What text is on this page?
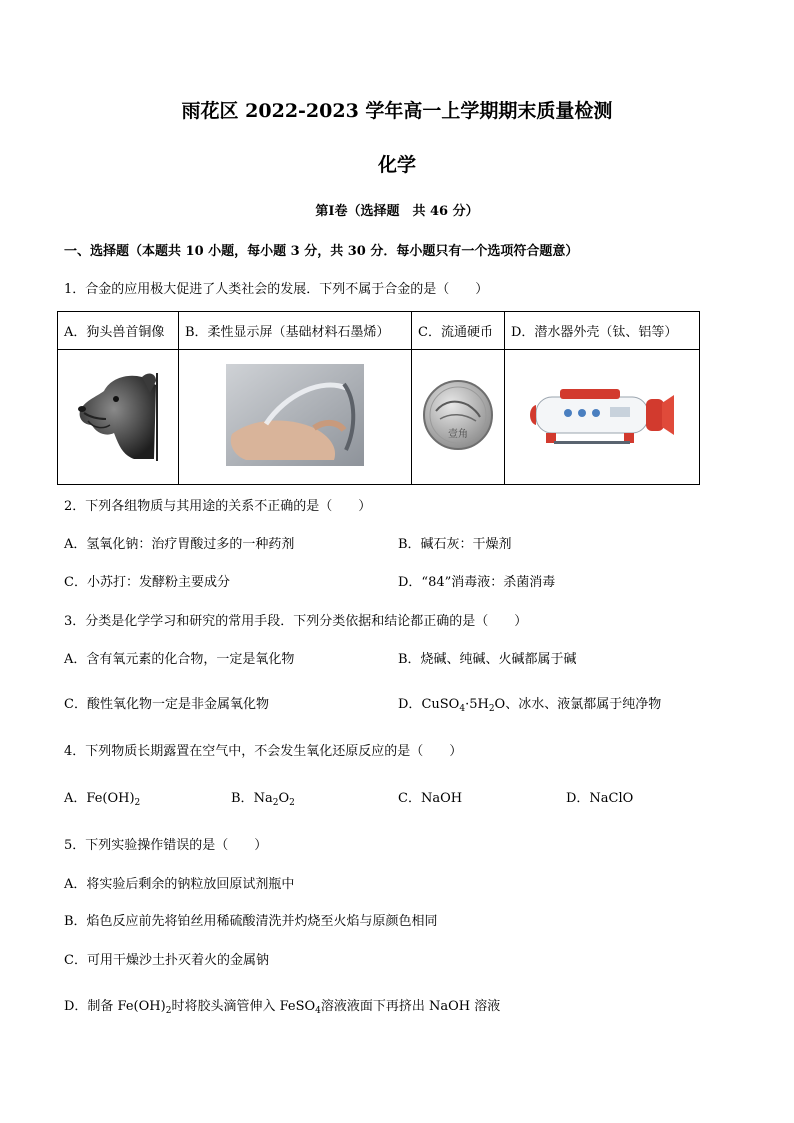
雨花区 2022-2023 学年高一上学期期末质量检测
化学
第Ⅰ卷（选择题　共 46 分）
一、选择题（本题共 10 小题，每小题 3 分，共 30 分．每小题只有一个选项符合题意）
1．合金的应用极大促进了人类社会的发展．下列不属于合金的是（　　）
A．狗头兽首铜像	B．柔性显示屏（基础材料石墨烯）	C．流通硬币	D．潜水器外壳（钛、铝等）

壹角

2．下列各组物质与其用途的关系不正确的是（　　）
A．氢氧化钠：治疗胃酸过多的一种药剂	B．碱石灰：干燥剂
C．小苏打：发酵粉主要成分	D．“84”消毒液：杀菌消毒
3．分类是化学学习和研究的常用手段．下列分类依据和结论都正确的是（　　）
A．含有氧元素的化合物，一定是氧化物	B．烧碱、纯碱、火碱都属于碱
C．酸性氧化物一定是非金属氧化物	D．$CuSO_4\cdot 5H_2O$、冰水、液氯都属于纯净物
4．下列物质长期露置在空气中，不会发生氧化还原反应的是（　　）
A．$Fe(OH)_2$	B．$Na_2O_2$	C．NaOH	D．NaClO
5．下列实验操作错误的是（　　）
A．将实验后剩余的钠粒放回原试剂瓶中
B．焰色反应前先将铂丝用稀硫酸清洗并灼烧至火焰与原颜色相同
C．可用干燥沙土扑灭着火的金属钠
D．制备 $Fe(OH)_2$时将胶头滴管伸入 FeSO$_4$溶液液面下再挤出 NaOH 溶液
